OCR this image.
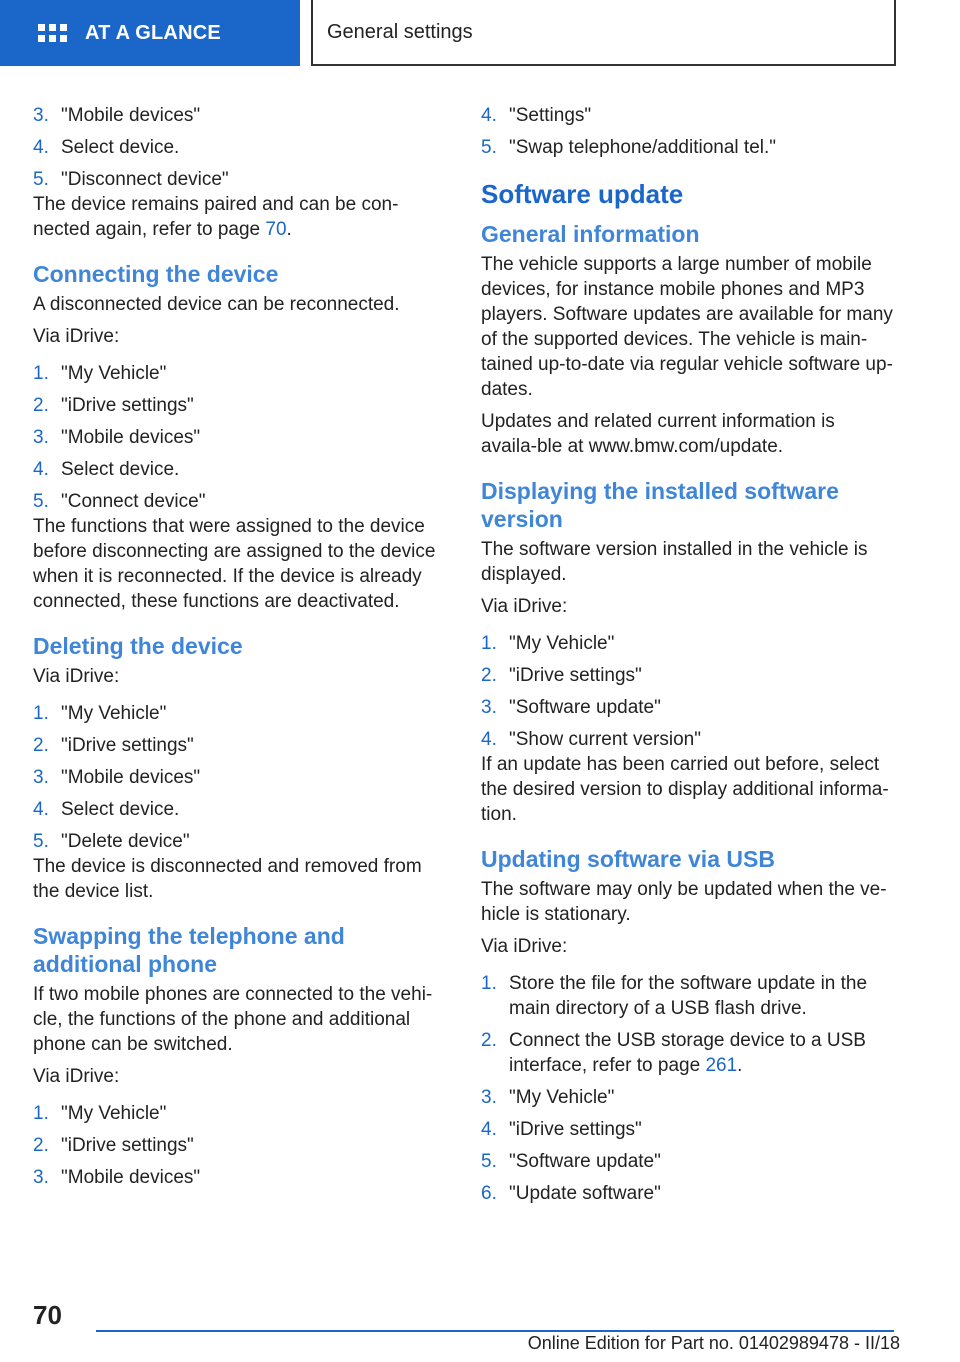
AT A GLANCE	General settings
3. "Mobile devices"
4. Select device.
5. "Disconnect device"

The device remains paired and can be con‐nected again, refer to page 70.

Connecting the device

A disconnected device can be reconnected.

Via iDrive:

1. "My Vehicle"
2. "iDrive settings"
3. "Mobile devices"
4. Select device.
5. "Connect device"

The functions that were assigned to the device before disconnecting are assigned to the device when it is reconnected. If the device is already connected, these functions are deactivated.

Deleting the device

Via iDrive:

1. "My Vehicle"
2. "iDrive settings"
3. "Mobile devices"
4. Select device.
5. "Delete device"

The device is disconnected and removed from the device list.

Swapping the telephone and additional phone

If two mobile phones are connected to the vehi‐cle, the functions of the phone and additional phone can be switched.

Via iDrive:

1. "My Vehicle"
2. "iDrive settings"
3. "Mobile devices"
4. "Settings"
5. "Swap telephone/additional tel."
Software update
General information

The vehicle supports a large number of mobile devices, for instance mobile phones and MP3 players. Software updates are available for many of the supported devices. The vehicle is main‐tained up-to-date via regular vehicle software up‐dates.

Updates and related current information is availa‐ble at www.bmw.com/update.

Displaying the installed software version

The software version installed in the vehicle is displayed.

Via iDrive:

1. "My Vehicle"
2. "iDrive settings"
3. "Software update"
4. "Show current version"

If an update has been carried out before, select the desired version to display additional informa‐tion.

Updating software via USB

The software may only be updated when the ve‐hicle is stationary.

Via iDrive:

1. Store the file for the software update in the main directory of a USB flash drive.
2. Connect the USB storage device to a USB interface, refer to page 261.
3. "My Vehicle"
4. "iDrive settings"
5. "Software update"
6. "Update software"
70
Online Edition for Part no. 01402989478 - II/18
